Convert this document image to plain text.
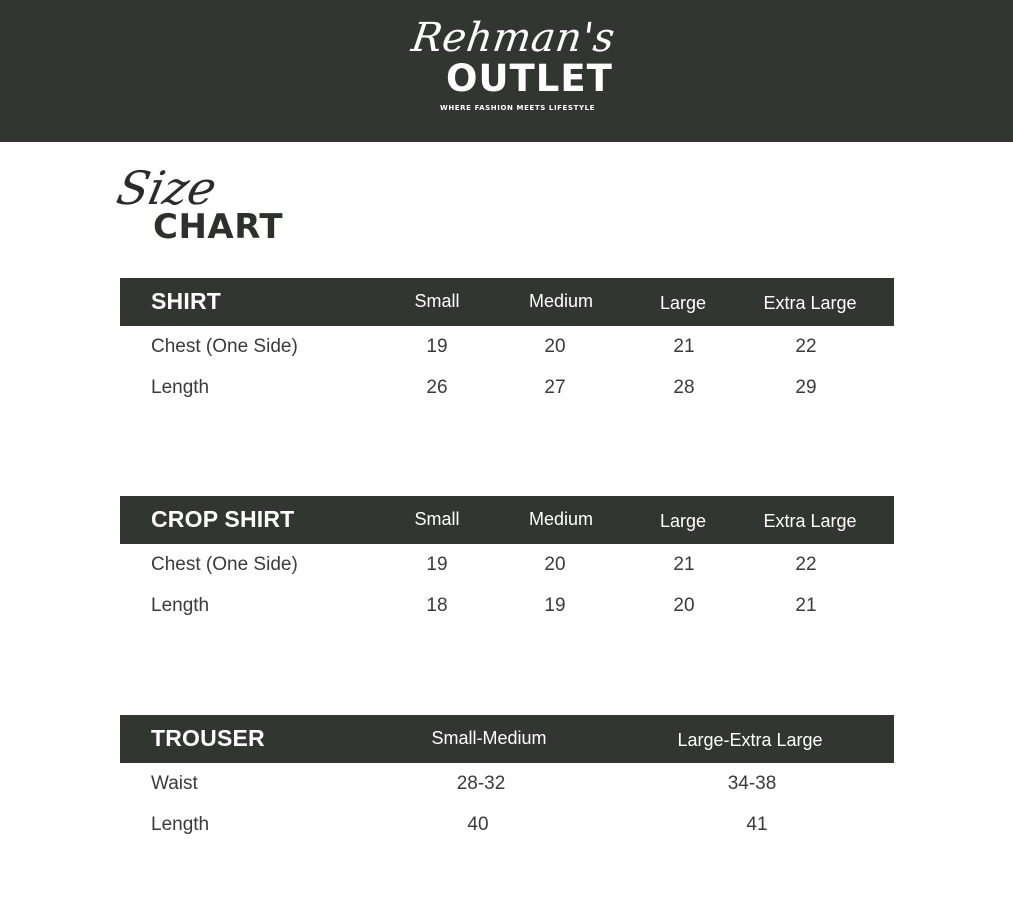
Rehman's
OUTLET
WHERE FASHION MEETS LIFESTYLE
Size
CHART
SHIRT	Small	Medium	Large	Extra Large
Chest (One Side)	19	20	21	22
Length	26	27	28	29
CROP SHIRT	Small	Medium	Large	Extra Large
Chest (One Side)	19	20	21	22
Length	18	19	20	21
TROUSER	Small-Medium	Large-Extra Large
Waist	28-32	34-38
Length	40	41
